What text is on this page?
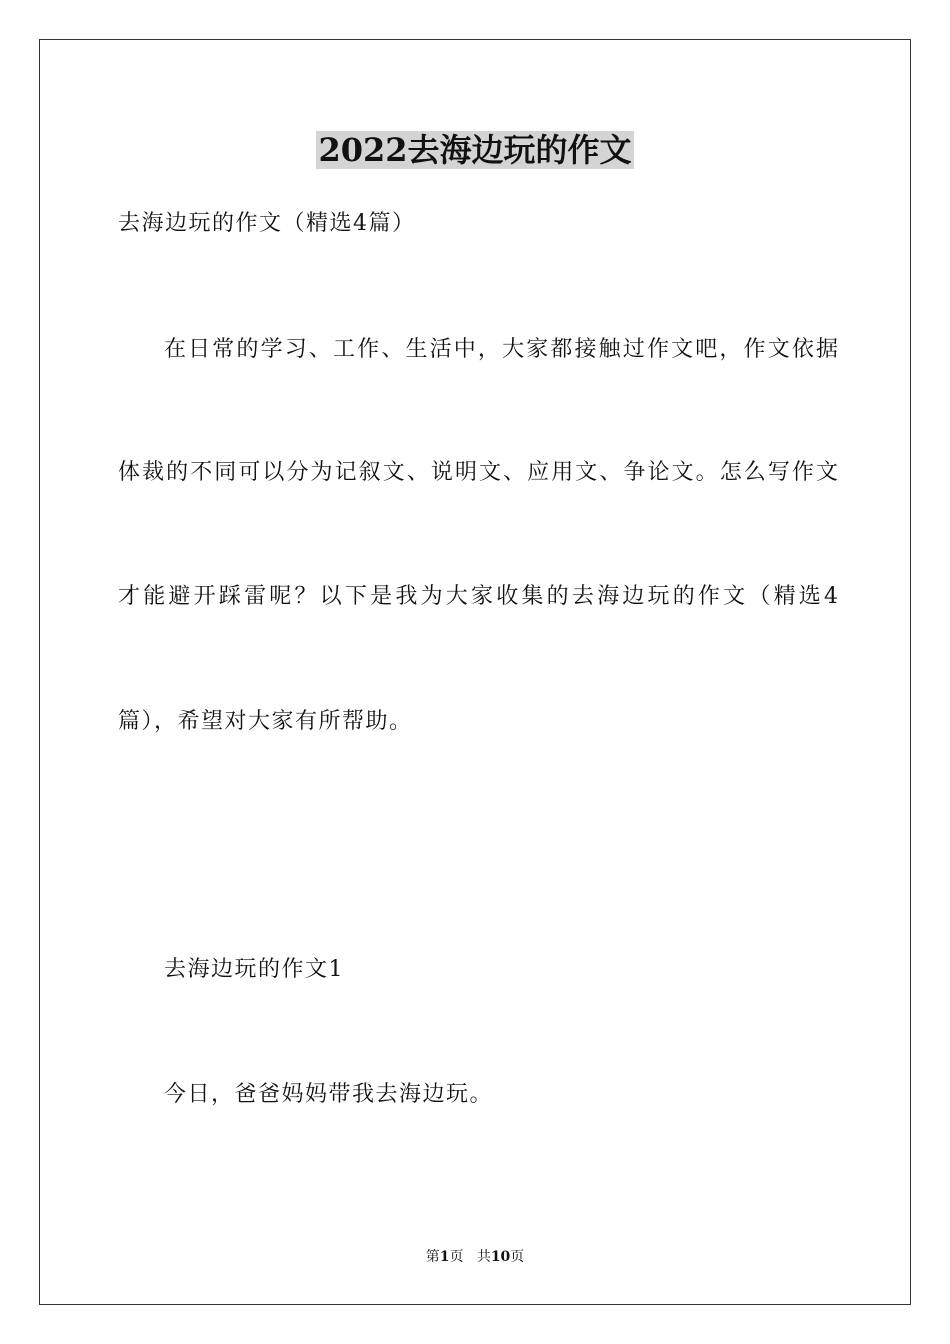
2022去海边玩的作文
去海边玩的作文（精选4篇）
在日常的学习、工作、生活中，大家都接触过作文吧，作文依据
体裁的不同可以分为记叙文、说明文、应用文、争论文。怎么写作文
才能避开踩雷呢？以下是我为大家收集的去海边玩的作文（精选4
篇），希望对大家有所帮助。
去海边玩的作文1
今日，爸爸妈妈带我去海边玩。
第1页 共10页
